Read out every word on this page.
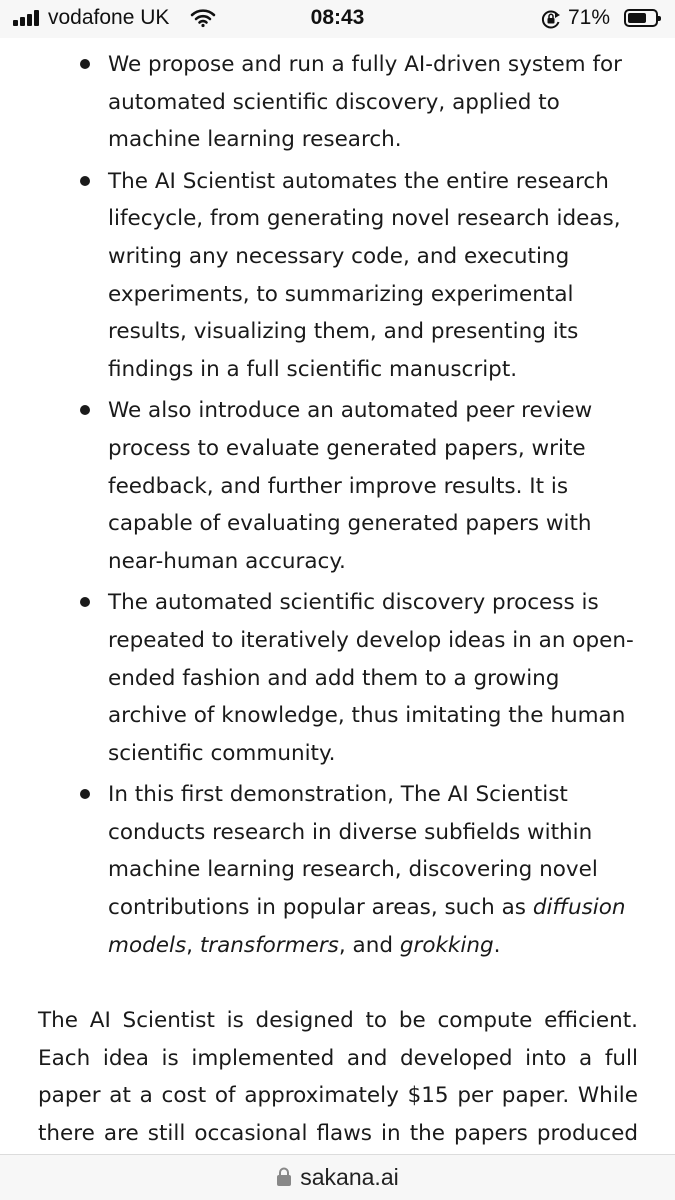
vodafone UK	08:43	71%
We propose and run a fully AI-driven system for automated scientific discovery, applied to machine learning research.
The AI Scientist automates the entire research lifecycle, from generating novel research ideas, writing any necessary code, and executing experiments, to summarizing experimental results, visualizing them, and presenting its findings in a full scientific manuscript.
We also introduce an automated peer review process to evaluate generated papers, write feedback, and further improve results. It is capable of evaluating generated papers with near-human accuracy.
The automated scientific discovery process is repeated to iteratively develop ideas in an open-ended fashion and add them to a growing archive of knowledge, thus imitating the human scientific community.
In this first demonstration, The AI Scientist conducts research in diverse subfields within machine learning research, discovering novel contributions in popular areas, such as diffusion models, transformers, and grokking.

The AI Scientist is designed to be compute efficient. Each idea is implemented and developed into a full paper at a cost of approximately $15 per paper. While there are still occasional flaws in the papers produced

sakana.ai
